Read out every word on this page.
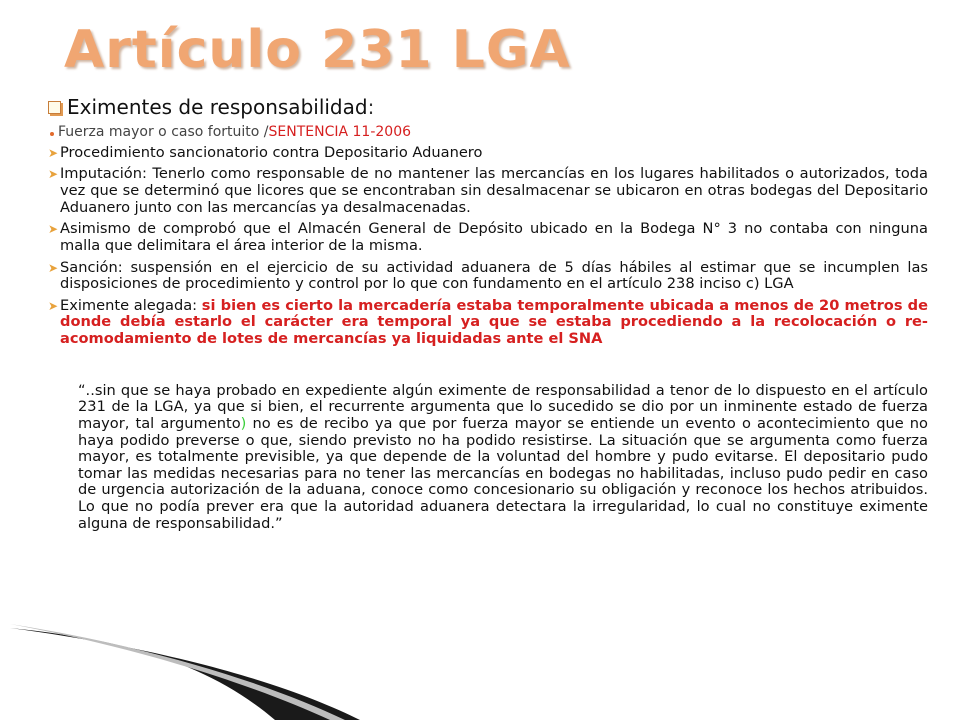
Artículo 231 LGA
Eximentes de responsabilidad :
Fuerza mayor o caso fortuito / SENTENCIA 11-2006
➤ Procedimiento sancionatorio contra Depositario Aduanero
➤ Imputación: Tenerlo como responsable de no mantener las mercancías en los lugares habilitados o autorizados, toda vez que se determinó que licores que se encontraban sin desalmacenar se ubicaron en otras bodegas del Depositario Aduanero junto con las mercancías ya desalmacenadas.
➤ Asimismo de comprobó que el Almacén General de Depósito ubicado en la Bodega N° 3 no contaba con ninguna malla que delimitara el área interior de la misma.
➤ Sanción: suspensión en el ejercicio de su actividad aduanera de 5 días hábiles al estimar que se incumplen las disposiciones de procedimiento y control por lo que con fundamento en el artículo 238 inciso c) LGA
➤ Eximente alegada: si bien es cierto la mercadería estaba temporalmente ubicada a menos de 20 metros de donde debía estarlo el carácter era temporal ya que se estaba procediendo a la recolocación o re-acomodamiento de lotes de mercancías ya liquidadas ante el SNA
“..sin que se haya probado en expediente algún eximente de responsabilidad a tenor de lo dispuesto en el artículo 231 de la LGA, ya que si bien, el recurrente argumenta que lo sucedido se dio por un inminente estado de fuerza mayor, tal argumento) no es de recibo ya que por fuerza mayor se entiende un evento o acontecimiento que no haya podido preverse o que, siendo previsto no ha podido resistirse. La situación que se argumenta como fuerza mayor, es totalmente previsible, ya que depende de la voluntad del hombre y pudo evitarse. El depositario pudo tomar las medidas necesarias para no tener las mercancías en bodegas no habilitadas, incluso pudo pedir en caso de urgencia autorización de la aduana, conoce como concesionario su obligación y reconoce los hechos atribuidos. Lo que no podía prever era que la autoridad aduanera detectara la irregularidad, lo cual no constituye eximente alguna de responsabilidad.”
